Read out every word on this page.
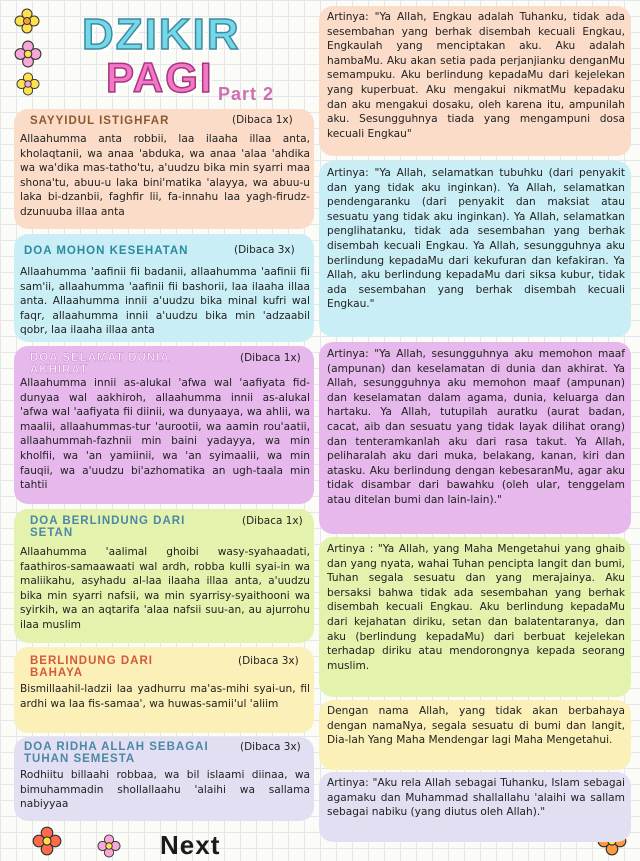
DZIKIR
PAGI Part 2
SAYYIDUL ISTIGHFAR	(Dibaca 1x)

Allaahumma anta robbii, laa ilaaha illaa anta, kholaqtanii, wa anaa 'abduka, wa anaa 'alaa 'ahdika wa wa'dika mas-tatho'tu, a'uudzu bika min syarri maa shona'tu, abuu-u laka bini'matika 'alayya, wa abuu-u laka bi-dzanbii, faghfir lii, fa-innahu laa yagh-firudz-dzunuuba illaa anta

DOA MOHON KESEHATAN	(Dibaca 3x)

Allaahumma 'aafinii fii badanii, allaahumma 'aafinii fii sam'ii, allaahumma 'aafinii fii bashorii, laa ilaaha illaa anta. Allaahumma innii a'uudzu bika minal kufri wal faqr, allaahumma innii a'uudzu bika min 'adzaabil qobr, laa ilaaha illaa anta

DOA SELAMAT DUNIA AKHIRAT
(Dibaca 1x)

Allaahumma innii as-alukal 'afwa wal 'aafiyata fid-dunyaa wal aakhiroh, allaahumma innii as-alukal 'afwa wal 'aafiyata fii diinii, wa dunyaaya, wa ahlii, wa maalii, allaahummas-tur 'aurootii, wa aamin rou'aatii, allaahummah-fazhnii min baini yadayya, wa min kholfii, wa 'an yamiinii, wa 'an syimaalii, wa min fauqii, wa a'uudzu bi'azhomatika an ugh-taala min tahtii

DOA BERLINDUNG DARI SETAN
(Dibaca 1x)

Allaahumma 'aalimal ghoibi wasy-syahaadati, faathiros-samaawaati wal ardh, robba kulli syai-in wa maliikahu, asyhadu al-laa ilaaha illaa anta, a'uudzu bika min syarri nafsii, wa min syarrisy-syaithooni wa syirkih, wa an aqtarifa 'alaa nafsii suu-an, au ajurrohu ilaa muslim

BERLINDUNG DARI BAHAYA
(Dibaca 3x)

Bismillaahil-ladzii laa yadhurru ma'as-mihi syai-un, fil ardhi wa laa fis-samaa', wa huwas-samii'ul 'aliim

DOA RIDHA ALLAH SEBAGAI TUHAN SEMESTA
(Dibaca 3x)

Rodhiitu billaahi robbaa, wa bil islaami diinaa, wa bimuhammadin shollallaahu 'alaihi wa sallama nabiyyaa

Artinya: "Ya Allah, Engkau adalah Tuhanku, tidak ada sesembahan yang berhak disembah kecuali Engkau, Engkaulah yang menciptakan aku. Aku adalah hambaMu. Aku akan setia pada perjanjianku denganMu semampuku. Aku berlindung kepadaMu dari kejelekan yang kuperbuat. Aku mengakui nikmatMu kepadaku dan aku mengakui dosaku, oleh karena itu, ampunilah aku. Sesungguhnya tiada yang mengampuni dosa kecuali Engkau"

Artinya: "Ya Allah, selamatkan tubuhku (dari penyakit dan yang tidak aku inginkan). Ya Allah, selamatkan pendengaranku (dari penyakit dan maksiat atau sesuatu yang tidak aku inginkan). Ya Allah, selamatkan penglihatanku, tidak ada sesembahan yang berhak disembah kecuali Engkau. Ya Allah, sesungguhnya aku berlindung kepadaMu dari kekufuran dan kefakiran. Ya Allah, aku berlindung kepadaMu dari siksa kubur, tidak ada sesembahan yang berhak disembah kecuali Engkau."

Artinya: "Ya Allah, sesungguhnya aku memohon maaf (ampunan) dan keselamatan di dunia dan akhirat. Ya Allah, sesungguhnya aku memohon maaf (ampunan) dan keselamatan dalam agama, dunia, keluarga dan hartaku. Ya Allah, tutupilah auratku (aurat badan, cacat, aib dan sesuatu yang tidak layak dilihat orang) dan tenteramkanlah aku dari rasa takut. Ya Allah, peliharalah aku dari muka, belakang, kanan, kiri dan atasku. Aku berlindung dengan kebesaranMu, agar aku tidak disambar dari bawahku (oleh ular, tenggelam atau ditelan bumi dan lain-lain)."

Artinya : "Ya Allah, yang Maha Mengetahui yang ghaib dan yang nyata, wahai Tuhan pencipta langit dan bumi, Tuhan segala sesuatu dan yang merajainya. Aku bersaksi bahwa tidak ada sesembahan yang berhak disembah kecuali Engkau. Aku berlindung kepadaMu dari kejahatan diriku, setan dan balatentaranya, dan aku (berlindung kepadaMu) dari berbuat kejelekan terhadap diriku atau mendorongnya kepada seorang muslim.

Dengan nama Allah, yang tidak akan berbahaya dengan namaNya, segala sesuatu di bumi dan langit, Dia-lah Yang Maha Mendengar lagi Maha Mengetahui.

Artinya: "Aku rela Allah sebagai Tuhanku, Islam sebagai agamaku dan Muhammad shallallahu 'alaihi wa sallam sebagai nabiku (yang diutus oleh Allah)."

Next
